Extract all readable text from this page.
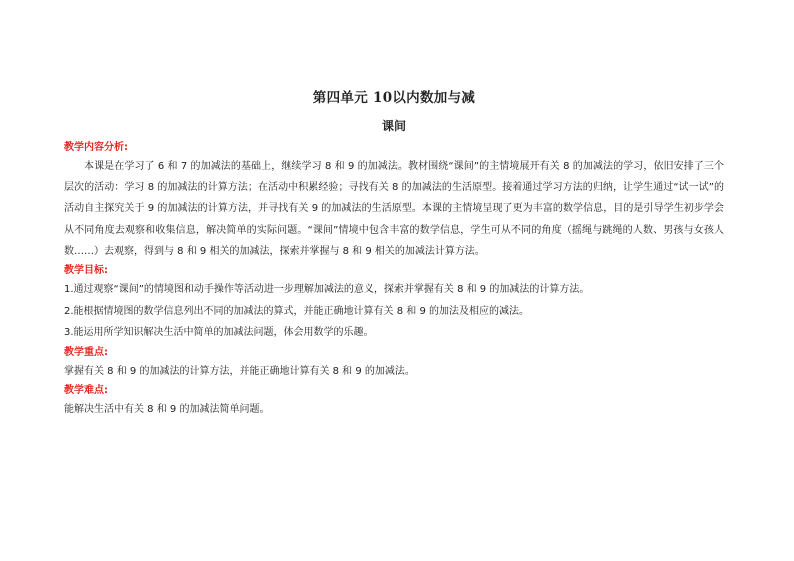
第四单元 10以内数加与减
课间

教学内容分析:

本课是在学习了 6 和 7 的加减法的基础上，继续学习 8 和 9 的加减法。教材围绕“课间”的主情境展开有关 8 的加减法的学习，依旧安排了三个层次的活动：学习 8 的加减法的计算方法；在活动中积累经验；寻找有关 8 的加减法的生活原型。接着通过学习方法的归纳，让学生通过“试一试”的活动自主探究关于 9 的加减法的计算方法，并寻找有关 9 的加减法的生活原型。本课的主情境呈现了更为丰富的数学信息，目的是引导学生初步学会从不同角度去观察和收集信息，解决简单的实际问题。“课间”情境中包含丰富的数学信息，学生可从不同的角度（摇绳与跳绳的人数、男孩与女孩人数……）去观察，得到与 8 和 9 相关的加减法，探索并掌握与 8 和 9 相关的加减法计算方法。

教学目标:

1.通过观察“课间”的情境图和动手操作等活动进一步理解加减法的意义，探索并掌握有关 8 和 9 的加减法的计算方法。

2.能根据情境图的数学信息列出不同的加减法的算式，并能正确地计算有关 8 和 9 的加法及相应的减法。

3.能运用所学知识解决生活中简单的加减法问题，体会用数学的乐趣。

教学重点:

掌握有关 8 和 9 的加减法的计算方法，并能正确地计算有关 8 和 9 的加减法。

教学难点:

能解决生活中有关 8 和 9 的加减法简单问题。
